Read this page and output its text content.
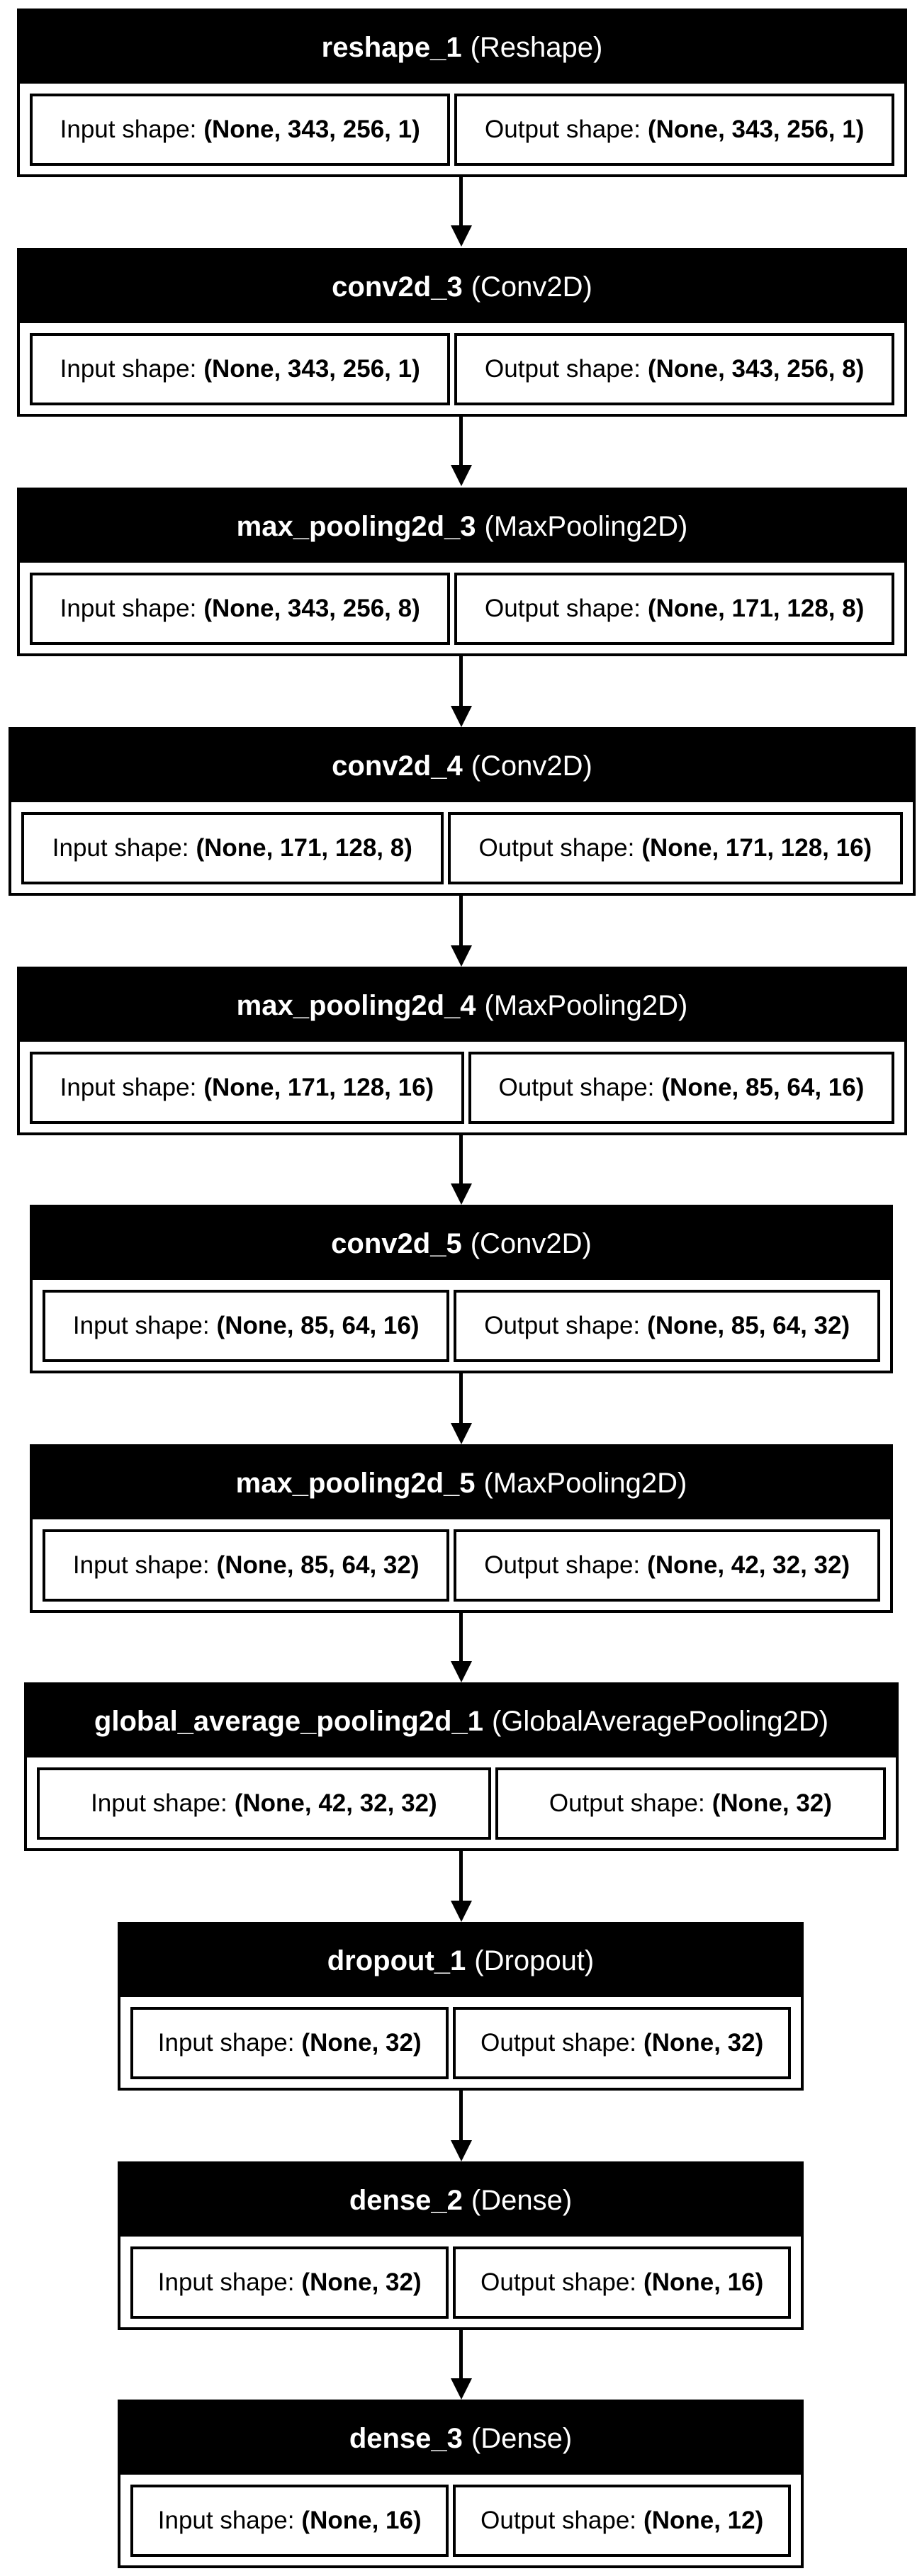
reshape_1 (Reshape)
Input shape: (None, 343, 256, 1)	Output shape: (None, 343, 256, 1)
conv2d_3 (Conv2D)
Input shape: (None, 343, 256, 1)	Output shape: (None, 343, 256, 8)
max_pooling2d_3 (MaxPooling2D)
Input shape: (None, 343, 256, 8)	Output shape: (None, 171, 128, 8)
conv2d_4 (Conv2D)
Input shape: (None, 171, 128, 8)	Output shape: (None, 171, 128, 16)
max_pooling2d_4 (MaxPooling2D)
Input shape: (None, 171, 128, 16)	Output shape: (None, 85, 64, 16)
conv2d_5 (Conv2D)
Input shape: (None, 85, 64, 16)	Output shape: (None, 85, 64, 32)
max_pooling2d_5 (MaxPooling2D)
Input shape: (None, 85, 64, 32)	Output shape: (None, 42, 32, 32)
global_average_pooling2d_1 (GlobalAveragePooling2D)
Input shape: (None, 42, 32, 32)	Output shape: (None, 32)
dropout_1 (Dropout)
Input shape: (None, 32) Output shape: (None, 32)
dense_2 (Dense)
Input shape: (None, 32) Output shape: (None, 16)
dense_3 (Dense)
Input shape: (None, 16) Output shape: (None, 12)
